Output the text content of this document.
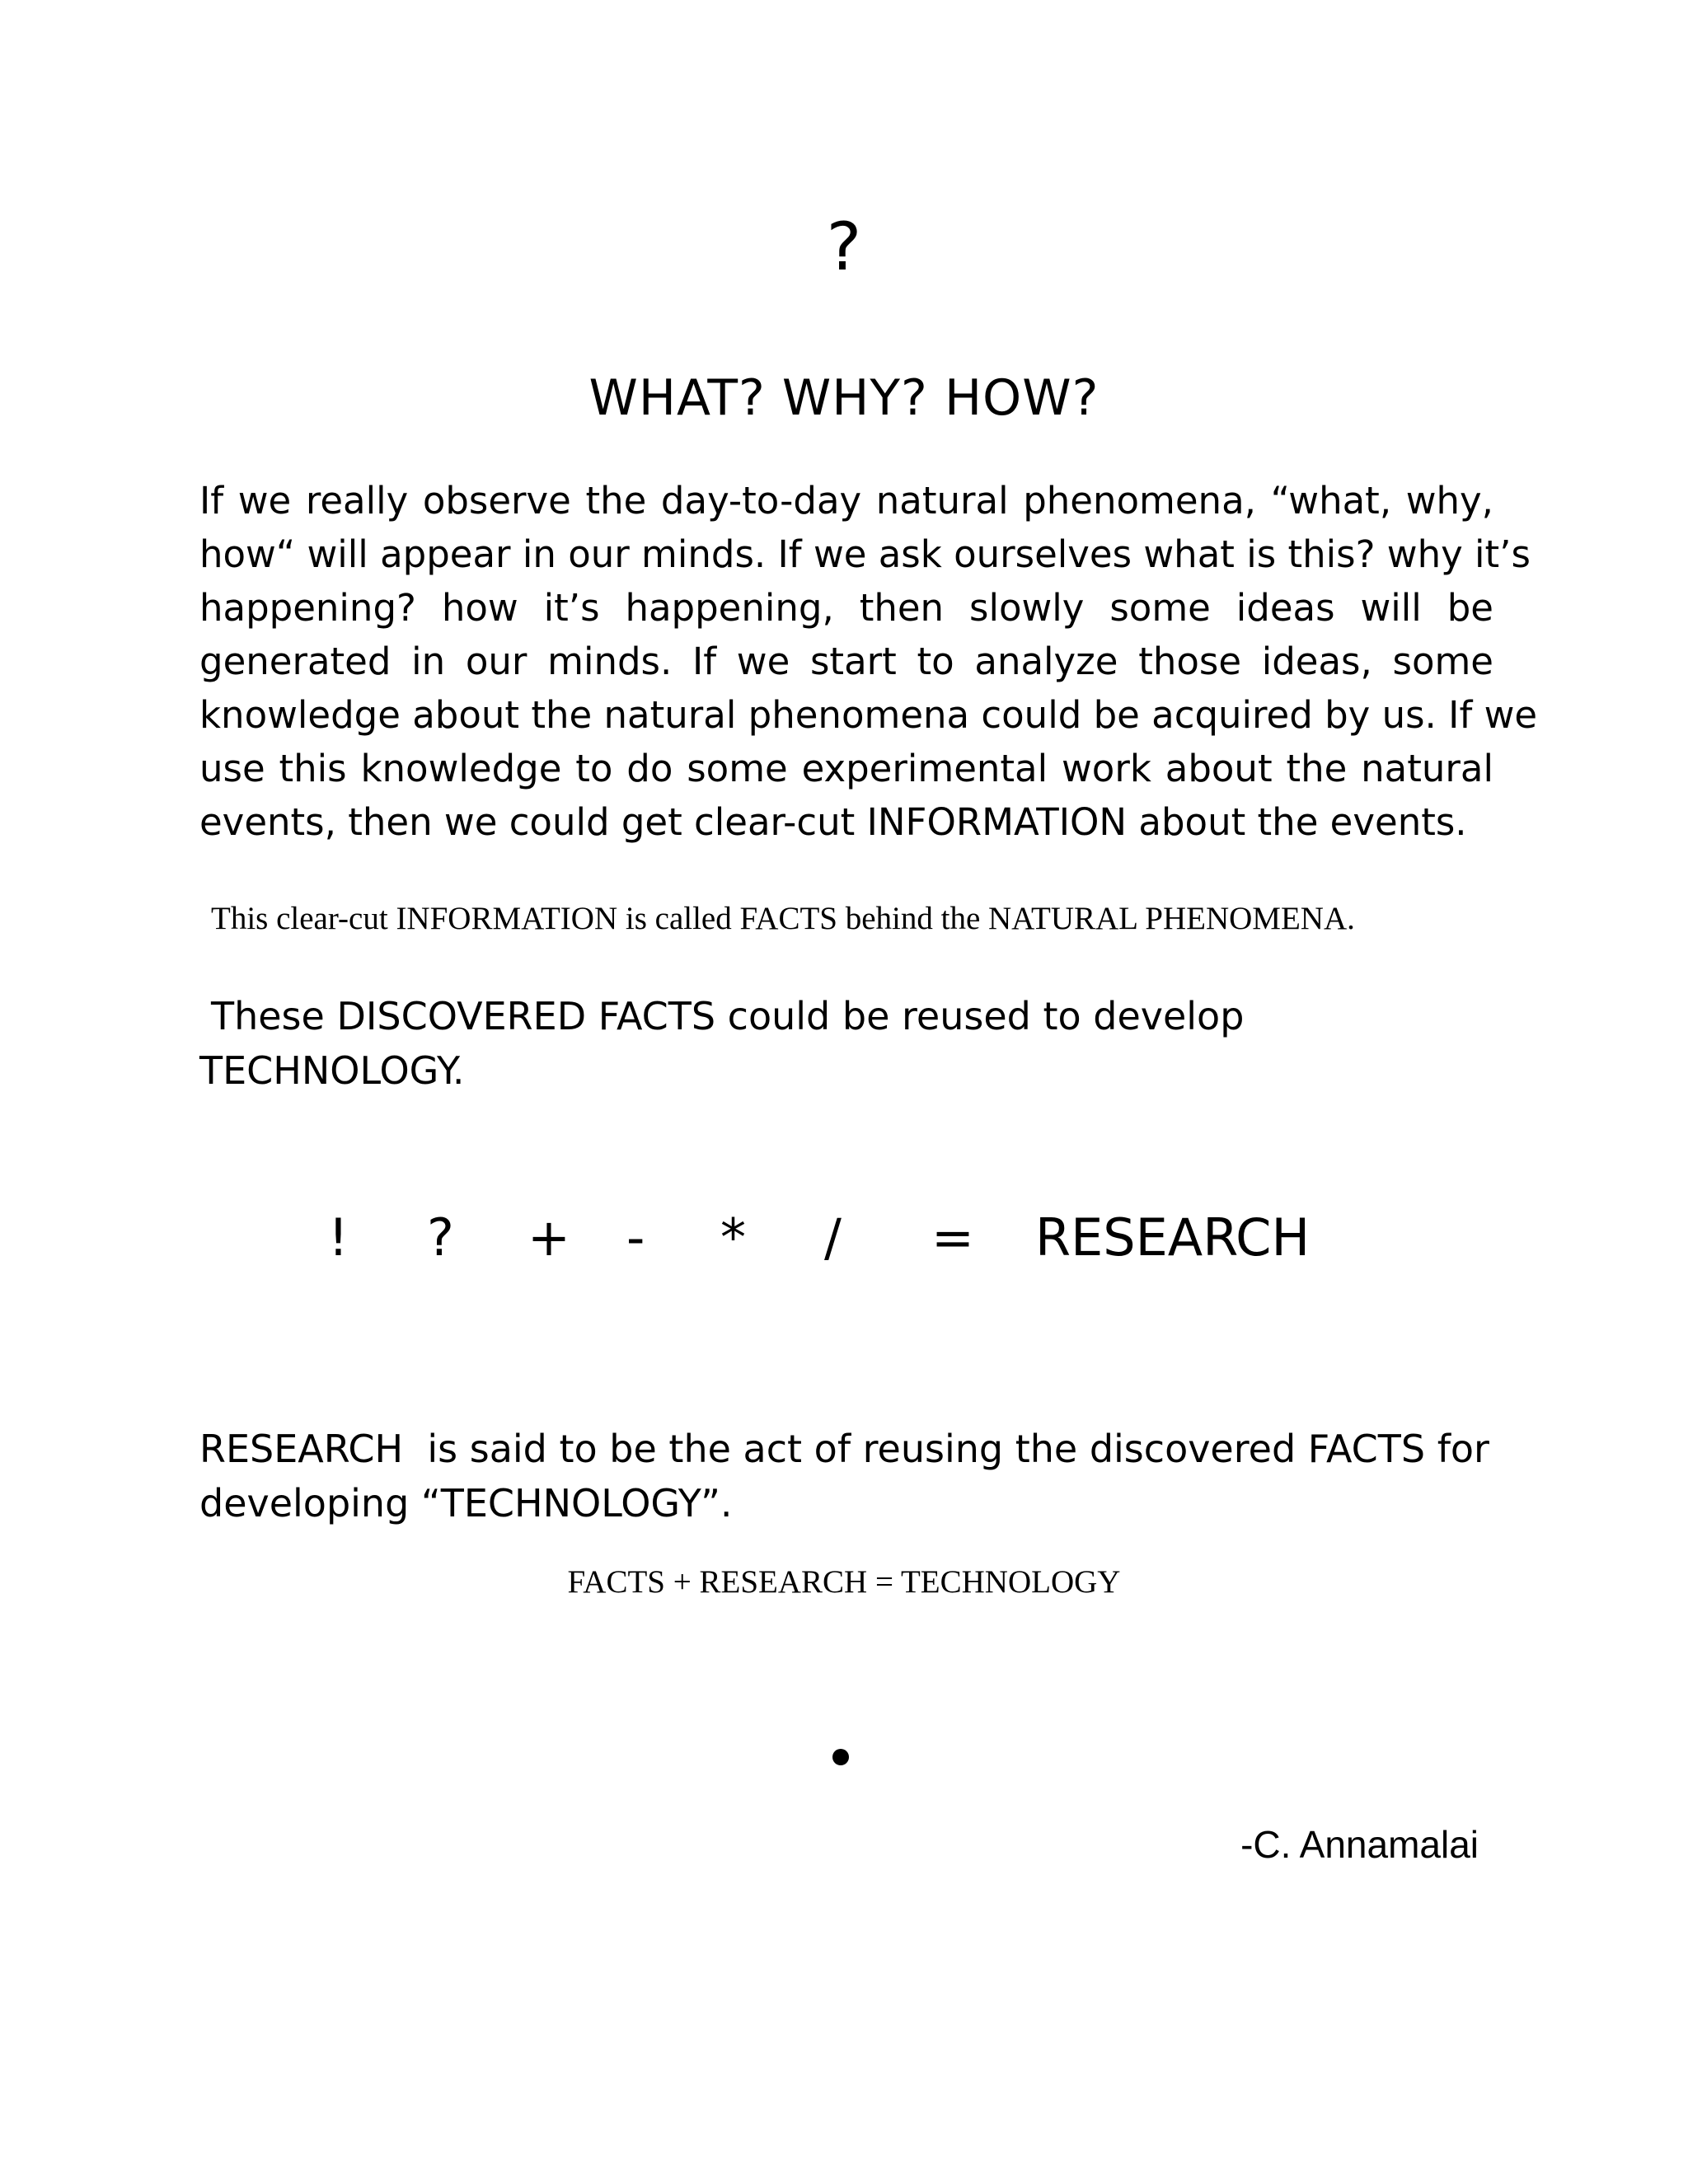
?
WHAT? WHY? HOW?
If we really observe the day-to-day natural phenomena, “what, why,
how“ will appear in our minds. If we ask ourselves what is this? why it’s
happening? how it’s happening, then slowly some ideas will be
generated in our minds. If we start to analyze those ideas, some
knowledge about the natural phenomena could be acquired by us. If we
use this knowledge to do some experimental work about the natural
events, then we could get clear-cut INFORMATION about the events.
This clear-cut INFORMATION is called FACTS behind the NATURAL PHENOMENA.
These DISCOVERED FACTS could be reused to develop
TECHNOLOGY.
! ? + - * / = RESEARCH
RESEARCH  is said to be the act of reusing the discovered FACTS for
developing “TECHNOLOGY”.
FACTS + RESEARCH = TECHNOLOGY
-C. Annamalai
